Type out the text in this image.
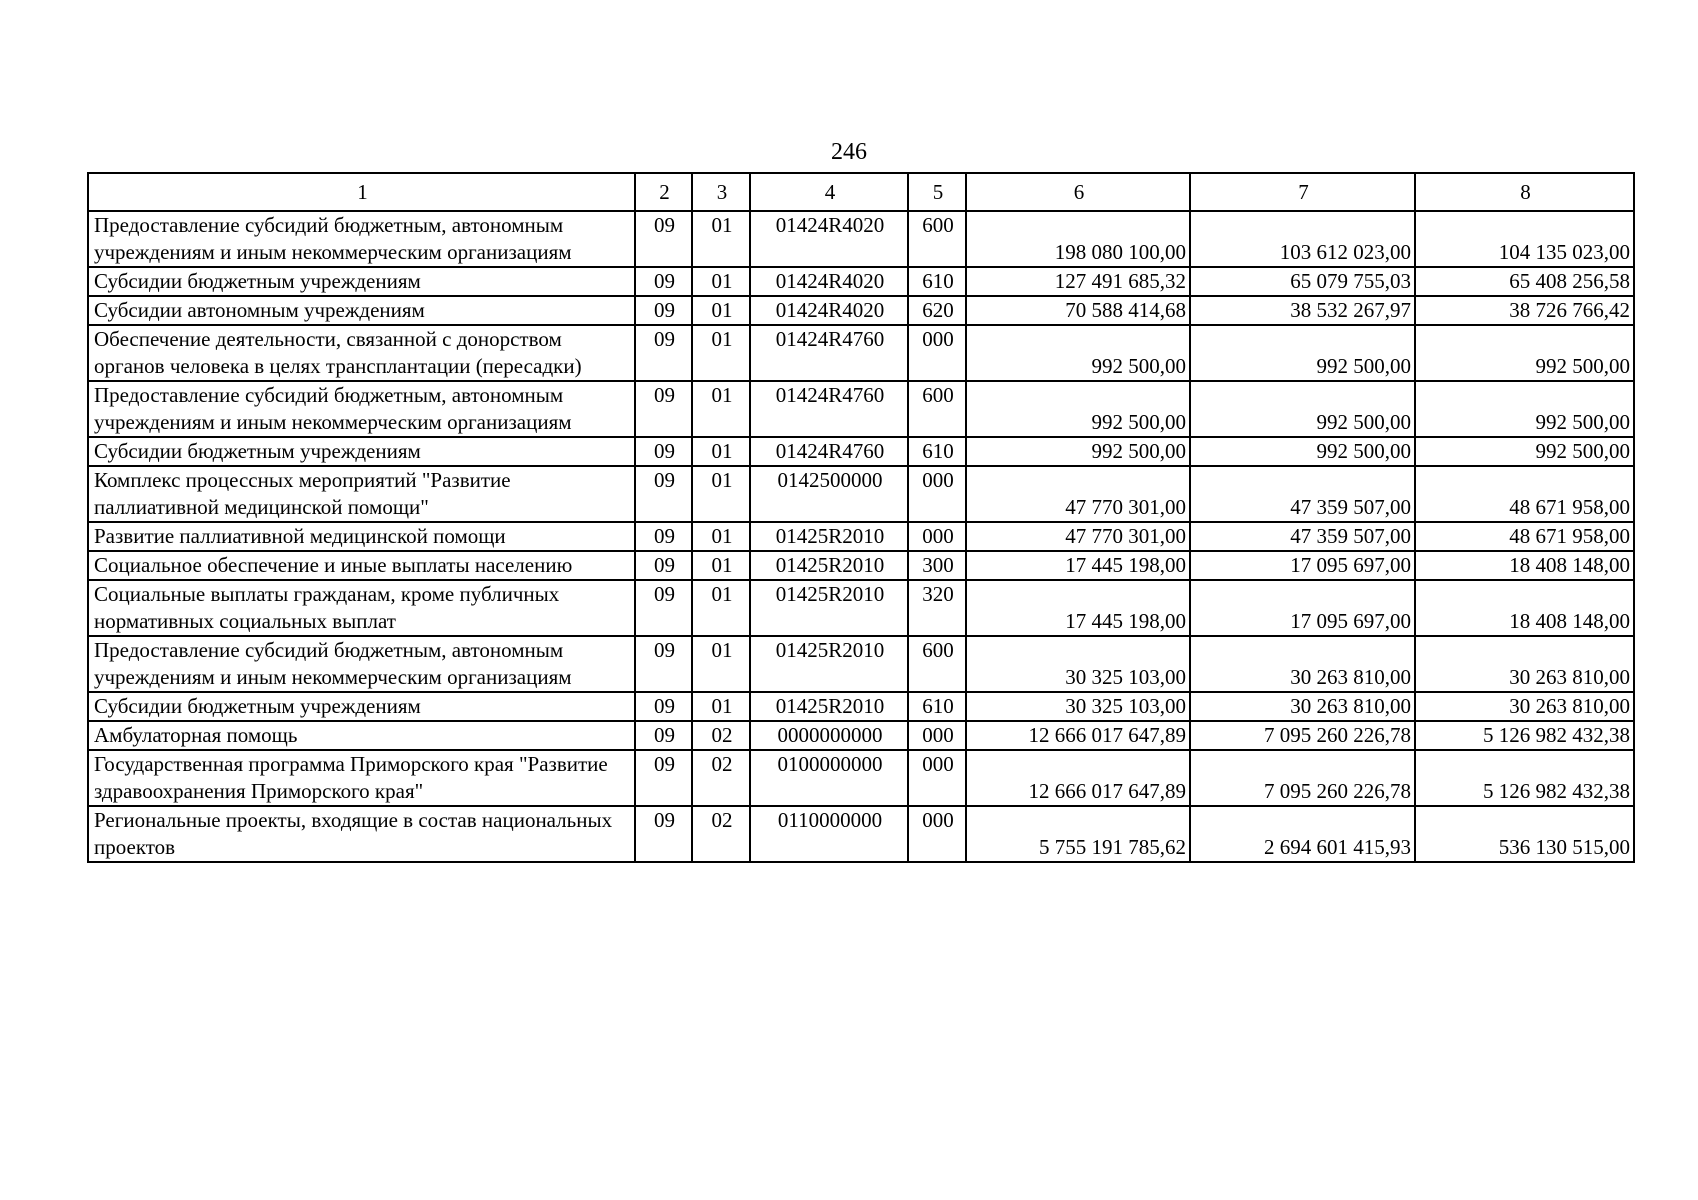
246
1	2	3	4	5	6	7	8
Предоставление субсидий бюджетным, автономным учреждениям и иным некоммерческим организациям	09	01	01424R4020	600	198 080 100,00	103 612 023,00	104 135 023,00
Субсидии бюджетным учреждениям	09	01	01424R4020	610	127 491 685,32	65 079 755,03	65 408 256,58
Субсидии автономным учреждениям	09	01	01424R4020	620	70 588 414,68	38 532 267,97	38 726 766,42
Обеспечение деятельности, связанной с донорством органов человека в целях трансплантации (пересадки)	09	01	01424R4760	000	992 500,00	992 500,00	992 500,00
Предоставление субсидий бюджетным, автономным учреждениям и иным некоммерческим организациям	09	01	01424R4760	600	992 500,00	992 500,00	992 500,00
Субсидии бюджетным учреждениям	09	01	01424R4760	610	992 500,00	992 500,00	992 500,00
Комплекс процессных мероприятий "Развитие паллиативной медицинской помощи"	09	01	0142500000	000	47 770 301,00	47 359 507,00	48 671 958,00
Развитие паллиативной медицинской помощи	09	01	01425R2010	000	47 770 301,00	47 359 507,00	48 671 958,00
Социальное обеспечение и иные выплаты населению	09	01	01425R2010	300	17 445 198,00	17 095 697,00	18 408 148,00
Социальные выплаты гражданам, кроме публичных нормативных социальных выплат	09	01	01425R2010	320	17 445 198,00	17 095 697,00	18 408 148,00
Предоставление субсидий бюджетным, автономным учреждениям и иным некоммерческим организациям	09	01	01425R2010	600	30 325 103,00	30 263 810,00	30 263 810,00
Субсидии бюджетным учреждениям	09	01	01425R2010	610	30 325 103,00	30 263 810,00	30 263 810,00
Амбулаторная помощь	09	02	0000000000	000	12 666 017 647,89	7 095 260 226,78	5 126 982 432,38
Государственная программа Приморского края "Развитие здравоохранения Приморского края"	09	02	0100000000	000	12 666 017 647,89	7 095 260 226,78	5 126 982 432,38
Региональные проекты, входящие в состав национальных проектов	09	02	0110000000	000	5 755 191 785,62	2 694 601 415,93	536 130 515,00
